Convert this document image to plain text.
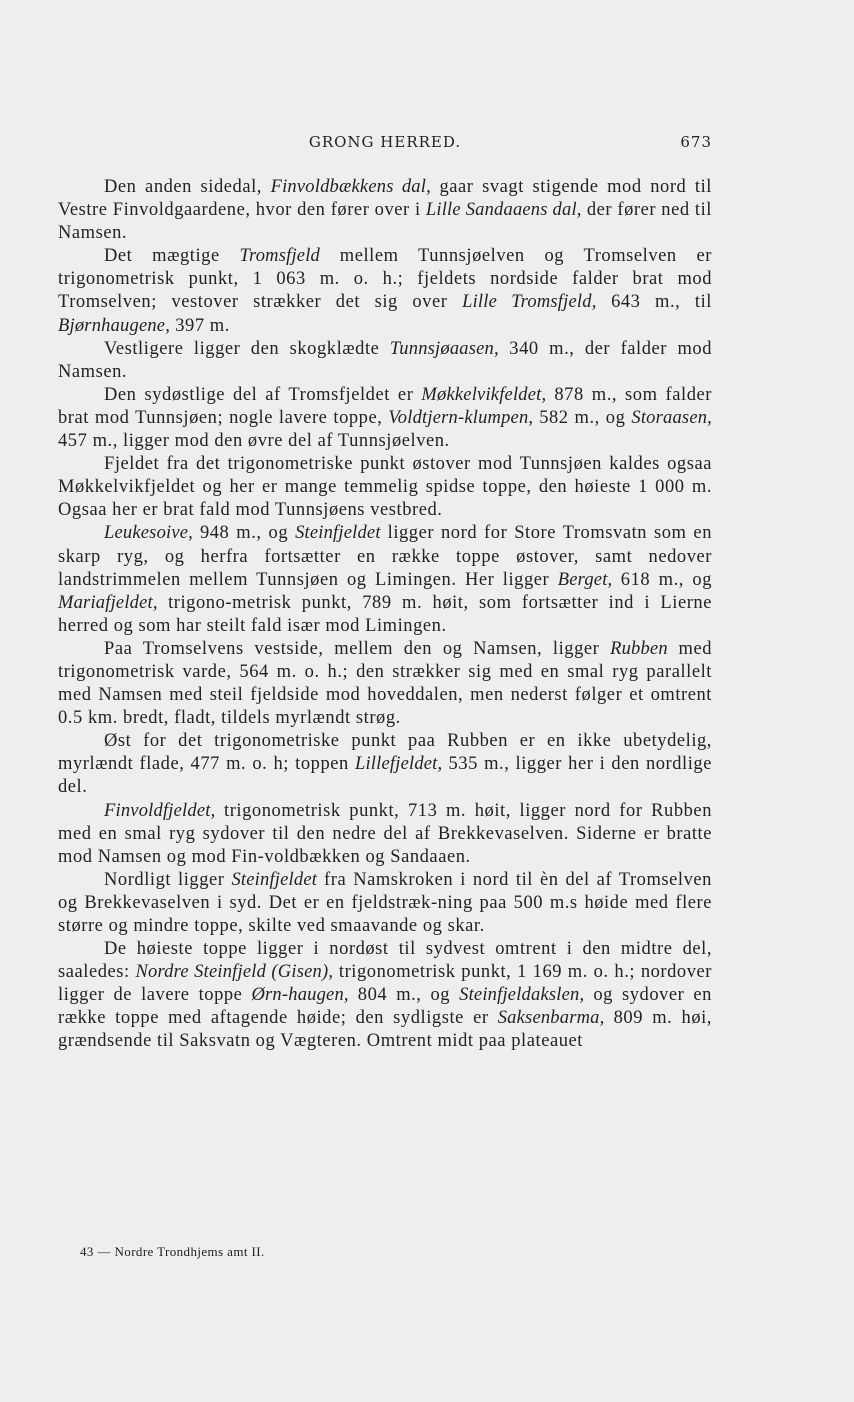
GRONG HERRED.	673

Den anden sidedal, Finvoldbækkens dal, gaar svagt stigende mod nord til Vestre Finvoldgaardene, hvor den fører over i Lille Sandaaens dal, der fører ned til Namsen.

Det mægtige Tromsfjeld mellem Tunnsjøelven og Tromselven er trigonometrisk punkt, 1 063 m. o. h.; fjeldets nordside falder brat mod Tromselven; vestover strækker det sig over Lille Tromsfjeld, 643 m., til Bjørnhaugene, 397 m.

Vestligere ligger den skogklædte Tunnsjøaasen, 340 m., der falder mod Namsen.

Den sydøstlige del af Tromsfjeldet er Møkkelvikfeldet, 878 m., som falder brat mod Tunnsjøen; nogle lavere toppe, Voldtjern-klumpen, 582 m., og Storaasen, 457 m., ligger mod den øvre del af Tunnsjøelven.

Fjeldet fra det trigonometriske punkt østover mod Tunnsjøen kaldes ogsaa Møkkelvikfjeldet og her er mange temmelig spidse toppe, den høieste 1 000 m. Ogsaa her er brat fald mod Tunnsjøens vestbred.

Leukesoive, 948 m., og Steinfjeldet ligger nord for Store Tromsvatn som en skarp ryg, og herfra fortsætter en række toppe østover, samt nedover landstrimmelen mellem Tunnsjøen og Limingen. Her ligger Berget, 618 m., og Mariafjeldet, trigono-metrisk punkt, 789 m. høit, som fortsætter ind i Lierne herred og som har steilt fald især mod Limingen.

Paa Tromselvens vestside, mellem den og Namsen, ligger Rubben med trigonometrisk varde, 564 m. o. h.; den strækker sig med en smal ryg parallelt med Namsen med steil fjeldside mod hoveddalen, men nederst følger et omtrent 0.5 km. bredt, fladt, tildels myrlændt strøg.

Øst for det trigonometriske punkt paa Rubben er en ikke ubetydelig, myrlændt flade, 477 m. o. h; toppen Lillefjeldet, 535 m., ligger her i den nordlige del.

Finvoldfjeldet, trigonometrisk punkt, 713 m. høit, ligger nord for Rubben med en smal ryg sydover til den nedre del af Brekkevaselven. Siderne er bratte mod Namsen og mod Fin-voldbækken og Sandaaen.

Nordligt ligger Steinfjeldet fra Namskroken i nord til èn del af Tromselven og Brekkevaselven i syd. Det er en fjeldstræk-ning paa 500 m.s høide med flere større og mindre toppe, skilte ved smaavande og skar.

De høieste toppe ligger i nordøst til sydvest omtrent i den midtre del, saaledes: Nordre Steinfjeld (Gisen), trigonometrisk punkt, 1 169 m. o. h.; nordover ligger de lavere toppe Ørn-haugen, 804 m., og Steinfjeldakslen, og sydover en række toppe med aftagende høide; den sydligste er Saksenbarma, 809 m. høi, grændsende til Saksvatn og Vægteren. Omtrent midt paa plateauet

43 — Nordre Trondhjems amt II.
